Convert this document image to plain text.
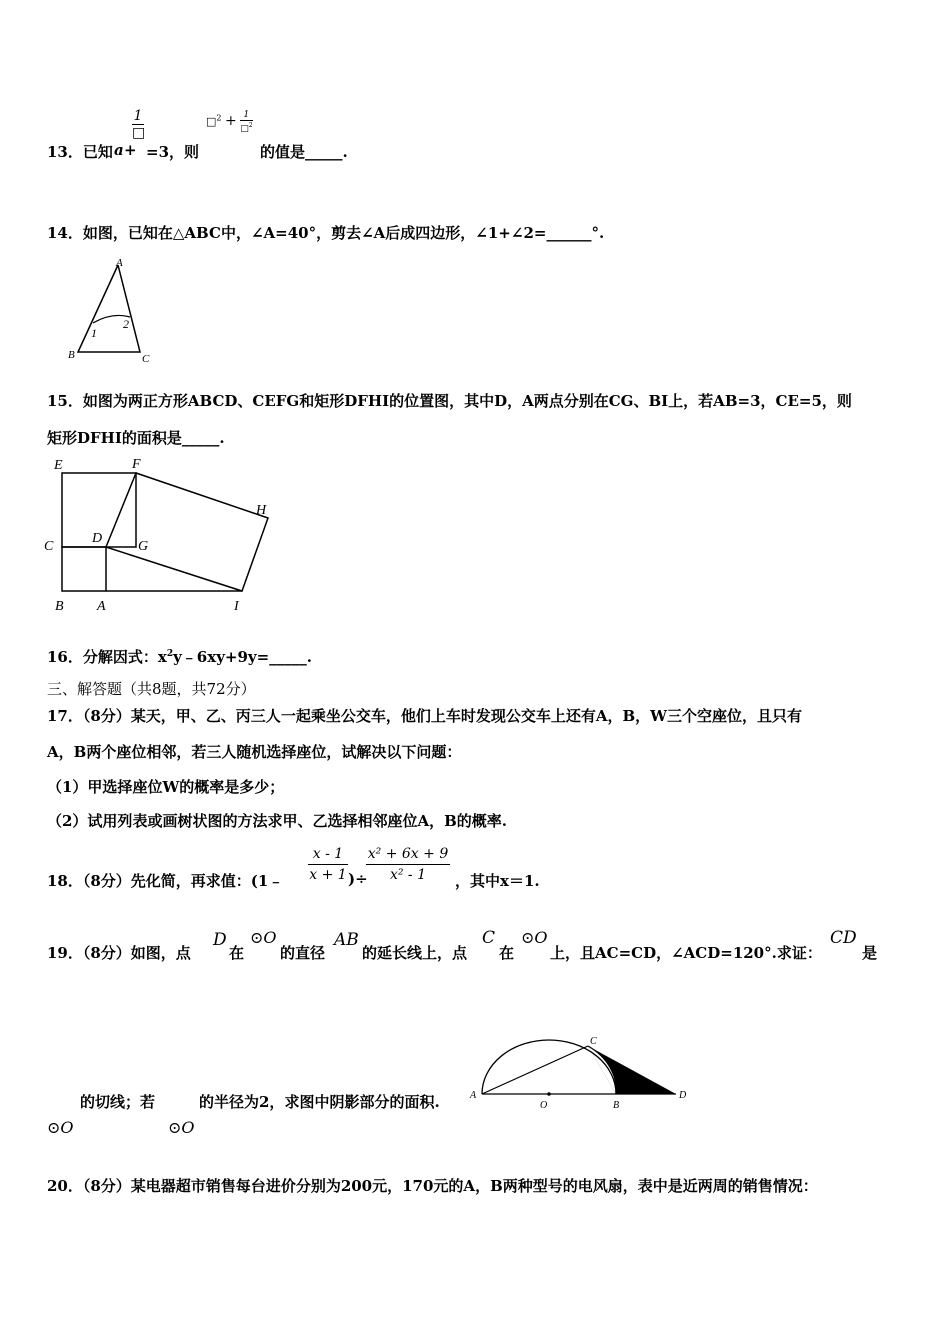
13．已知 a +
1
□
=3，则
□$^2$ + $\frac{1}{□^2}$
的值是_____.
14．如图，已知在△ABC中，∠A=40°，剪去∠A后成四边形，∠1+∠2=______°.
A
B	C
1
2
15．如图为两正方形ABCD、CEFG和矩形DFHI的位置图，其中D，A两点分别在CG、BI上，若AB=3，CE=5，则
矩形DFHI的面积是_____.
E	F
H
C
D
G
B A	I
16．分解因式：$x^2y﹣6xy+9y=\_\_\_\_\_$.
三、解答题（共8题，共72分）
17．（8分）某天，甲、乙、丙三人一起乘坐公交车，他们上车时发现公交车上还有A，B，W三个空座位，且只有
A，B两个座位相邻，若三人随机选择座位，试解决以下问题：
（1）甲选择座位W的概率是多少；
（2）试用列表或画树状图的方法求甲、乙选择相邻座位A，B的概率.
18．（8分）先化简，再求值：(1﹣ $\frac{x - 1}{x + 1}$ )÷
$\frac{\text{x² + 6x + 9}}{\text{x² - 1}}$ ，其中x＝1.
19．（8分）如图，点
D
在
⊙O
的直径
AB
的延长线上，点
C
在
⊙O
上，且AC=CD，∠ACD=120°.求证：
CD
是
的切线；若	的半径为2，求图中阴影部分的面积.
⊙O	⊙O
A
O	B
C
D
20．（8分）某电器超市销售每台进价分别为200元，170元的A，B两种型号的电风扇，表中是近两周的销售情况：
